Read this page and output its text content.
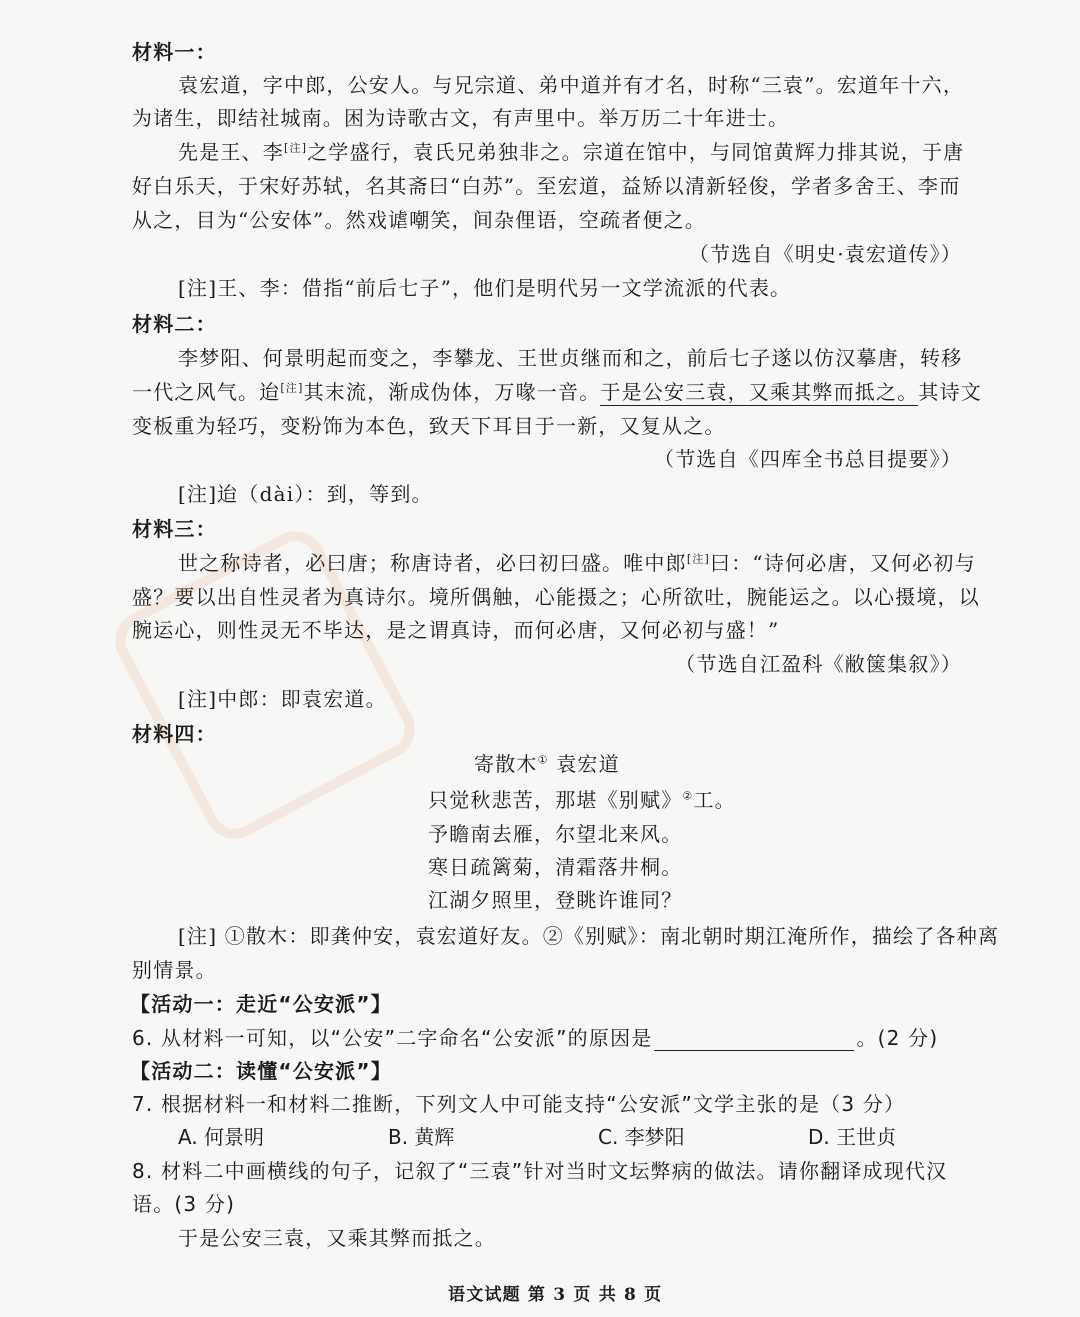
材料一：
袁宏道，字中郎，公安人。与兄宗道、弟中道并有才名，时称“三袁”。宏道年十六，
为诸生，即结社城南。困为诗歌古文，有声里中。举万历二十年进士。
先是王、李[注]之学盛行，袁氏兄弟独非之。宗道在馆中，与同馆黄辉力排其说，于唐
好白乐天，于宋好苏轼，名其斋曰“白苏”。至宏道，益矫以清新轻俊，学者多舍王、李而
从之，目为“公安体”。然戏谑嘲笑，间杂俚语，空疏者便之。
（节选自《明史·袁宏道传》）
[注]王、李：借指“前后七子”，他们是明代另一文学流派的代表。
材料二：
李梦阳、何景明起而变之，李攀龙、王世贞继而和之，前后七子遂以仿汉摹唐，转移
一代之风气。迨[注]其末流，渐成伪体，万喙一音。于是公安三袁，又乘其弊而抵之。其诗文
变板重为轻巧，变粉饰为本色，致天下耳目于一新，又复从之。
（节选自《四库全书总目提要》）
[注]迨（dài）：到，等到。
材料三：
世之称诗者，必曰唐；称唐诗者，必曰初曰盛。唯中郎[注]曰：“诗何必唐，又何必初与
盛？要以出自性灵者为真诗尔。境所偶触，心能摄之；心所欲吐，腕能运之。以心摄境，以
腕运心，则性灵无不毕达，是之谓真诗，而何必唐，又何必初与盛！”
（节选自江盈科《敝箧集叙》）
[注]中郎：即袁宏道。
材料四：
寄散木① 袁宏道
只觉秋悲苦，那堪《别赋》②工。
予瞻南去雁，尔望北来风。
寒日疏篱菊，清霜落井桐。
江湖夕照里，登眺许谁同？
[注] ①散木：即龚仲安，袁宏道好友。②《别赋》：南北朝时期江淹所作，描绘了各种离
别情景。
【活动一：走近“公安派”】
6. 从材料一可知，以“公安”二字命名“公安派”的原因是	。(2 分)
【活动二：读懂“公安派”】
7. 根据材料一和材料二推断，下列文人中可能支持“公安派”文学主张的是（3 分）
A. 何景明	B. 黄辉	C. 李梦阳	D. 王世贞
8. 材料二中画横线的句子，记叙了“三袁”针对当时文坛弊病的做法。请你翻译成现代汉
语。(3 分)
于是公安三袁，又乘其弊而抵之。
语文试题 第 3 页 共 8 页
